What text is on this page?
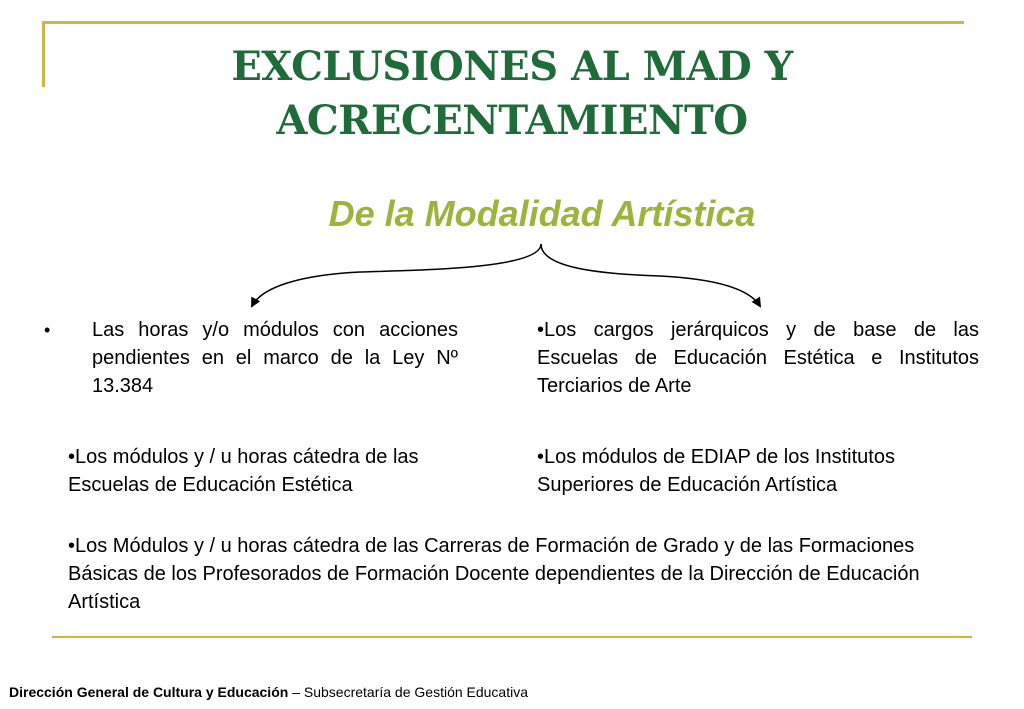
EXCLUSIONES AL MAD Y
ACRECENTAMIENTO
De la Modalidad Artística
• Las horas y/o módulos con acciones pendientes en el marco de la Ley Nº 13.384

•Los cargos jerárquicos y de base de las Escuelas de Educación Estética e Institutos Terciarios de Arte

•Los módulos y / u horas cátedra de las Escuelas de Educación Estética

•Los módulos de EDIAP de los Institutos Superiores de Educación Artística

•Los Módulos y / u horas cátedra de las Carreras de Formación de Grado y de las Formaciones Básicas de los Profesorados de Formación Docente dependientes de la Dirección de Educación Artística

Dirección General de Cultura y Educación – Subsecretaría de Gestión Educativa
